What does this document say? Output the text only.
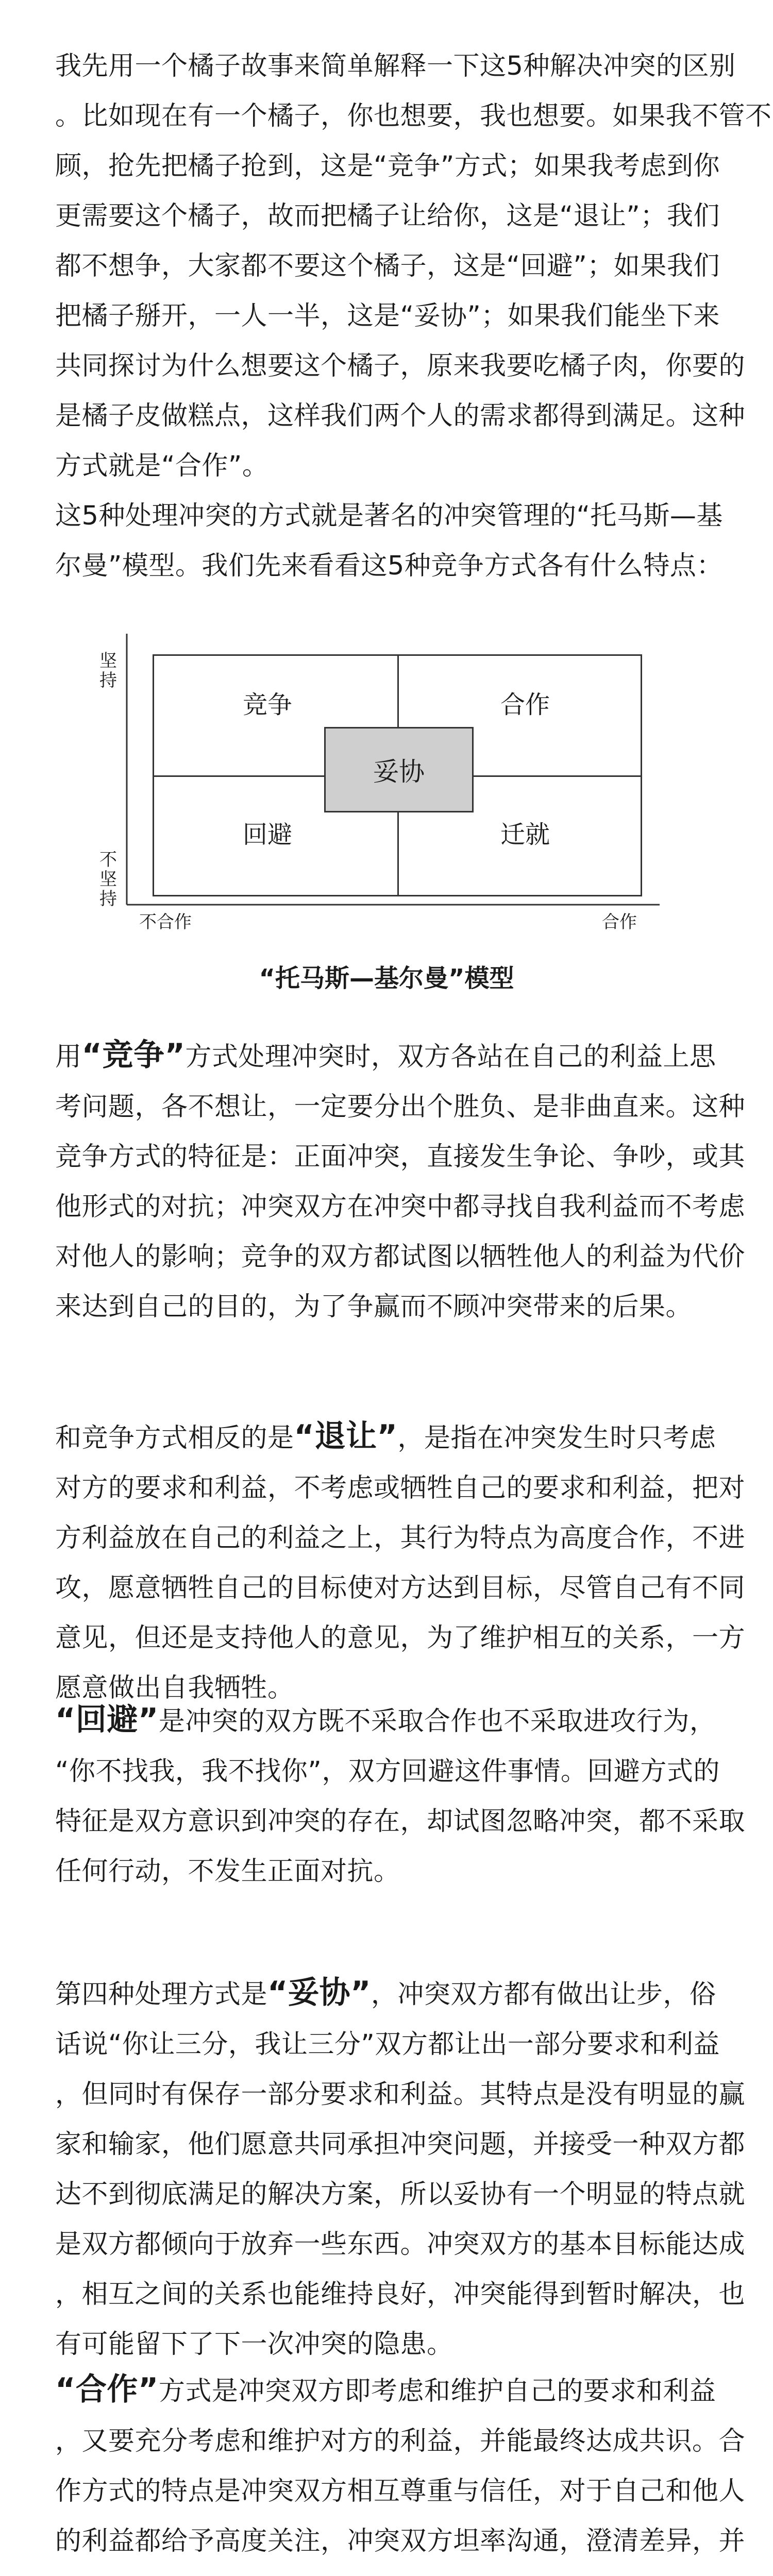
我先用一个橘子故事来简单解释一下这5种解决冲突的区别
。比如现在有一个橘子，你也想要，我也想要。如果我不管不
顾，抢先把橘子抢到，这是“竞争”方式；如果我考虑到你
更需要这个橘子，故而把橘子让给你，这是“退让”；我们
都不想争，大家都不要这个橘子，这是“回避”；如果我们
把橘子掰开，一人一半，这是“妥协”；如果我们能坐下来
共同探讨为什么想要这个橘子，原来我要吃橘子肉，你要的
是橘子皮做糕点，这样我们两个人的需求都得到满足。这种
方式就是“合作”。
这5种处理冲突的方式就是著名的冲突管理的“托马斯—基
尔曼”模型。我们先来看看这5种竞争方式各有什么特点：
坚
持
不
坚
持
竞争	合作
回避	迁就
妥协
不合作	合作
“托马斯—基尔曼”模型
用“竞争”方式处理冲突时，双方各站在自己的利益上思
考问题，各不想让，一定要分出个胜负、是非曲直来。这种
竞争方式的特征是：正面冲突，直接发生争论、争吵，或其
他形式的对抗；冲突双方在冲突中都寻找自我利益而不考虑
对他人的影响；竞争的双方都试图以牺牲他人的利益为代价
来达到自己的目的，为了争赢而不顾冲突带来的后果。
和竞争方式相反的是“退让”，是指在冲突发生时只考虑
对方的要求和利益，不考虑或牺牲自己的要求和利益，把对
方利益放在自己的利益之上，其行为特点为高度合作，不进
攻，愿意牺牲自己的目标使对方达到目标，尽管自己有不同
意见，但还是支持他人的意见，为了维护相互的关系，一方
愿意做出自我牺牲。
“回避”是冲突的双方既不采取合作也不采取进攻行为，
“你不找我，我不找你”，双方回避这件事情。回避方式的
特征是双方意识到冲突的存在，却试图忽略冲突，都不采取
任何行动，不发生正面对抗。
第四种处理方式是“妥协”，冲突双方都有做出让步，俗
话说“你让三分，我让三分”双方都让出一部分要求和利益
，但同时有保存一部分要求和利益。其特点是没有明显的赢
家和输家，他们愿意共同承担冲突问题，并接受一种双方都
达不到彻底满足的解决方案，所以妥协有一个明显的特点就
是双方都倾向于放弃一些东西。冲突双方的基本目标能达成
，相互之间的关系也能维持良好，冲突能得到暂时解决，也
有可能留下了下一次冲突的隐患。
“合作”方式是冲突双方即考虑和维护自己的要求和利益
，又要充分考虑和维护对方的利益，并能最终达成共识。合
作方式的特点是冲突双方相互尊重与信任，对于自己和他人
的利益都给予高度关注，冲突双方坦率沟通，澄清差异，并
